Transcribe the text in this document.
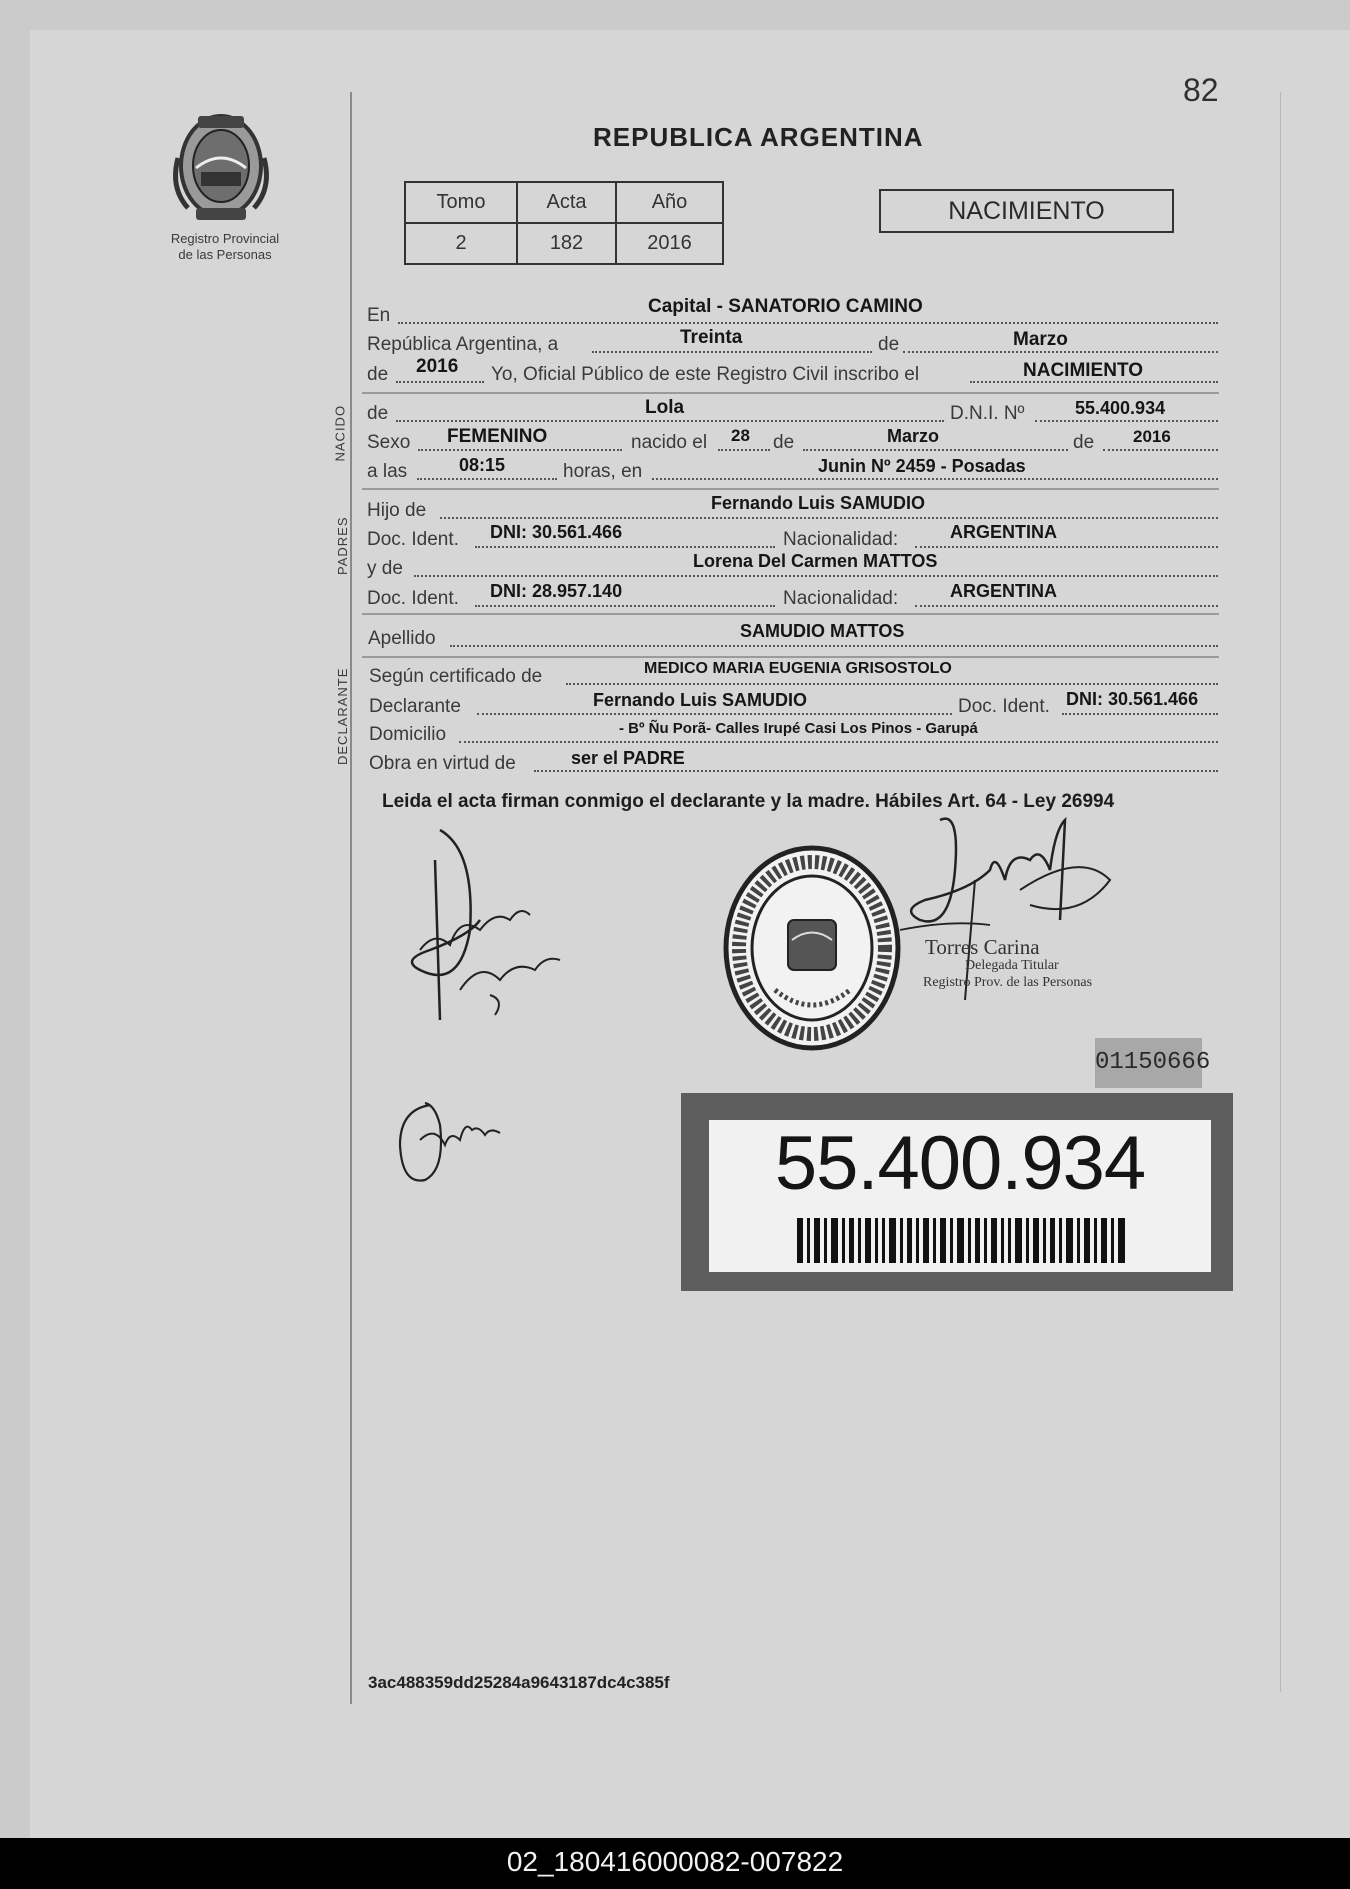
82
REPUBLICA ARGENTINA
Registro Provincial
de las Personas
Tomo	Acta	Año
2	182	2016
NACIMIENTO
En	Capital - SANATORIO CAMINO
República Argentina, a	Treinta	de	Marzo
de 2016 Yo, Oficial Público de este Registro Civil inscribo el	NACIMIENTO
NACIDO de	Lola	D.N.I. Nº	55.400.934
Sexo FEMENINO	nacido el 28 de	Marzo	de 2016
a las	08:15	horas, en	Junin Nº 2459 - Posadas
PADRES
Hijo de	Fernando Luis SAMUDIO
Doc. Ident. DNI: 30.561.466	Nacionalidad:	ARGENTINA
y de	Lorena Del Carmen MATTOS
Doc. Ident. DNI: 28.957.140	Nacionalidad:	ARGENTINA
Apellido	SAMUDIO MATTOS
DECLARANTE Según certificado de	MEDICO MARIA EUGENIA GRISOSTOLO
Declarante	Fernando Luis SAMUDIO	Doc. Ident. DNI: 30.561.466
Domicilio	- Bº Ñu Porã- Calles Irupé Casi Los Pinos - Garupá
Obra en virtud de	ser el PADRE
Leida el acta firman conmigo el declarante y la madre. Hábiles Art. 64 - Ley 26994
Torres Carina
Delegada Titular
Registro Prov. de las Personas
01150666
55.400.934
3ac488359dd25284a9643187dc4c385f
02_180416000082-007822
